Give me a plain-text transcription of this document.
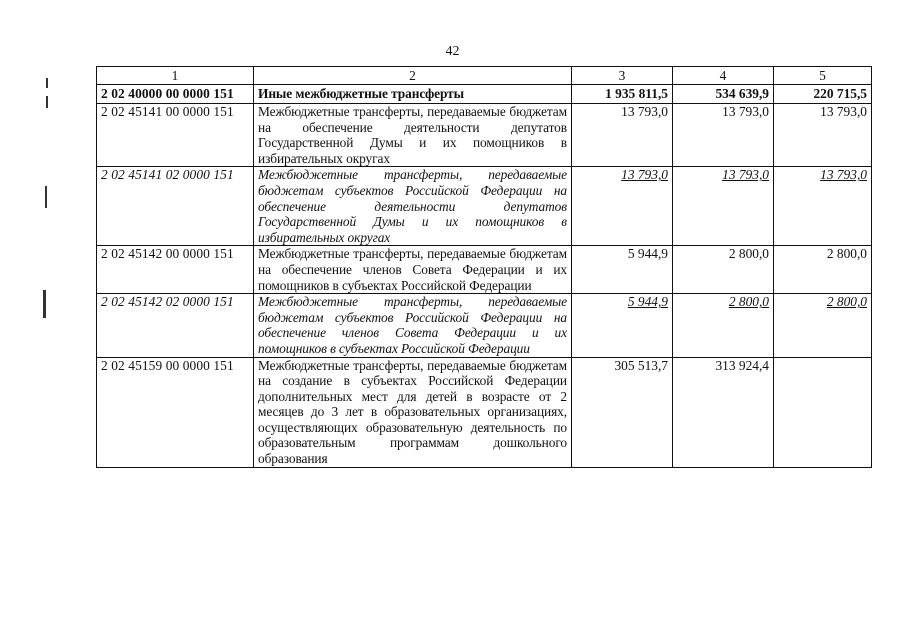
42
1	2	3	4	5
2 02 40000 00 0000 151	Иные межбюджетные трансферты	1 935 811,5	534 639,9	220 715,5
2 02 45141 00 0000 151	Межбюджетные трансферты, передаваемые бюджетам на обеспечение деятельности депутатов Государственной Думы и их помощников в избирательных округах	13 793,0	13 793,0	13 793,0
2 02 45141 02 0000 151	Межбюджетные трансферты, передаваемые бюджетам субъектов Российской Федерации на обеспечение деятельности депутатов Государственной Думы и их помощников в избирательных округах	13 793,0	13 793,0	13 793,0
2 02 45142 00 0000 151	Межбюджетные трансферты, передаваемые бюджетам на обеспечение членов Совета Федерации и их помощников в субъектах Российской Федерации	5 944,9	2 800,0	2 800,0
2 02 45142 02 0000 151	Межбюджетные трансферты, передаваемые бюджетам субъектов Российской Федерации на обеспечение членов Совета Федерации и их помощников в субъектах Российской Федерации	5 944,9	2 800,0	2 800,0
2 02 45159 00 0000 151	Межбюджетные трансферты, передаваемые бюджетам на создание в субъектах Российской Федерации дополнительных мест для детей в возрасте от 2 месяцев до 3 лет в образовательных организациях, осуществляющих образовательную деятельность по образовательным программам дошкольного образования	305 513,7	313 924,4	
